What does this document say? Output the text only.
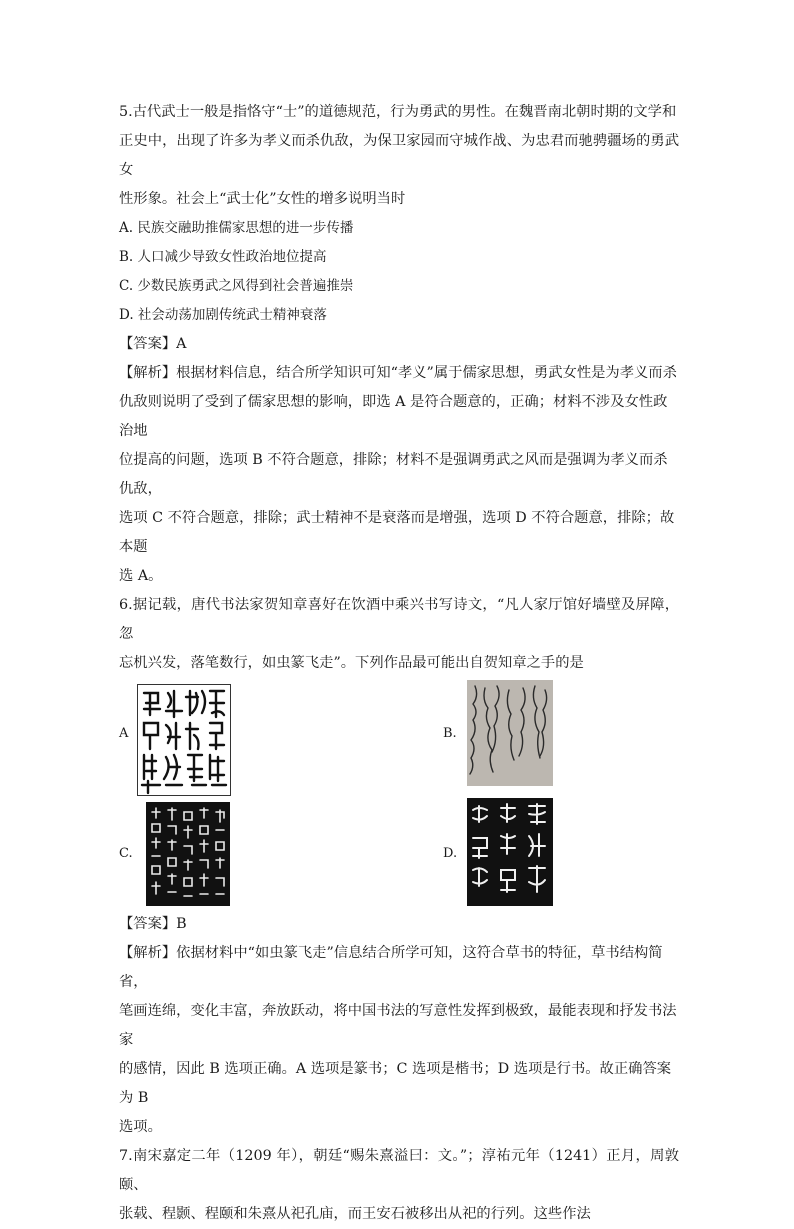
5.古代武士一般是指恪守“士”的道德规范，行为勇武的男性。在魏晋南北朝时期的文学和

正史中，出现了许多为孝义而杀仇敌，为保卫家园而守城作战、为忠君而驰骋疆场的勇武女

性形象。社会上“武士化”女性的增多说明当时

A. 民族交融助推儒家思想的进一步传播

B. 人口减少导致女性政治地位提高

C. 少数民族勇武之风得到社会普遍推崇

D. 社会动荡加剧传统武士精神衰落

【答案】A

【解析】根据材料信息，结合所学知识可知“孝义”属于儒家思想，勇武女性是为孝义而杀

仇敌则说明了受到了儒家思想的影响，即选 A 是符合题意的，正确；材料不涉及女性政治地

位提高的问题，选项 B 不符合题意，排除；材料不是强调勇武之风而是强调为孝义而杀仇敌，

选项 C 不符合题意，排除；武士精神不是衰落而是增强，选项 D 不符合题意，排除；故本题

选 A。

6.据记载，唐代书法家贺知章喜好在饮酒中乘兴书写诗文，“凡人家厅馆好墙壁及屏障，忽

忘机兴发，落笔数行，如虫篆飞走”。下列作品最可能出自贺知章之手的是

A	B.
C.	D.

【答案】B

【解析】依据材料中“如虫篆飞走”信息结合所学可知，这符合草书的特征，草书结构简省，

笔画连绵，变化丰富，奔放跃动，将中国书法的写意性发挥到极致，最能表现和抒发书法家

的感情，因此 B 选项正确。A 选项是篆书；C 选项是楷书；D 选项是行书。故正确答案为 B

选项。

7.南宋嘉定二年（1209 年），朝廷“赐朱熹溢曰：文。”；淳祐元年（1241）正月，周敦颐、

张载、程颢、程颐和朱熹从祀孔庙，而王安石被移出从祀的行列。这些作法
